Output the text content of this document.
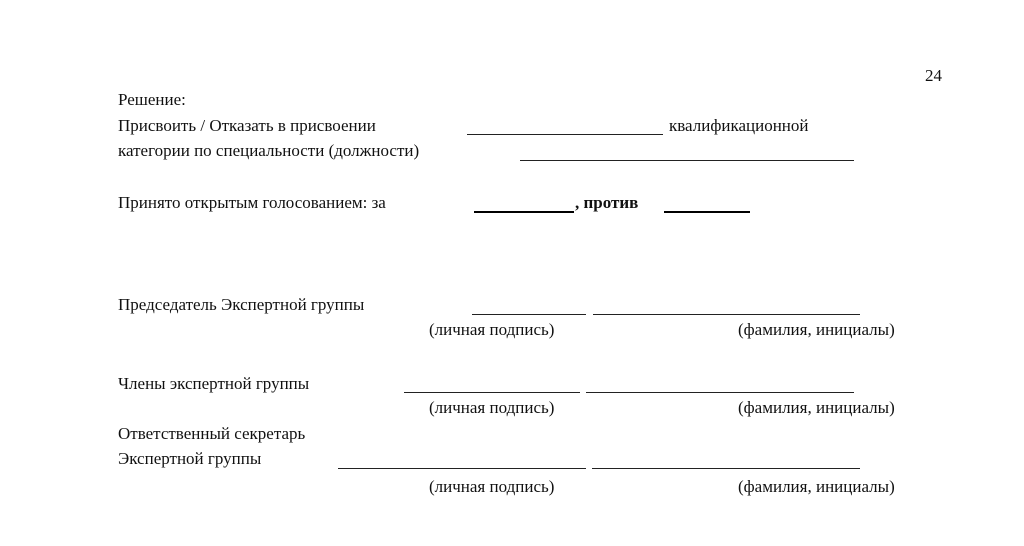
24
Решение:
Присвоить / Отказать в присвоении	квалификационной
категории по специальности (должности)
Принято открытым голосованием: за	, против
Председатель Экспертной группы
(личная подпись)	(фамилия, инициалы)
Члены экспертной группы
(личная подпись)	(фамилия, инициалы)
Ответственный секретарь
Экспертной группы
(личная подпись)	(фамилия, инициалы)
